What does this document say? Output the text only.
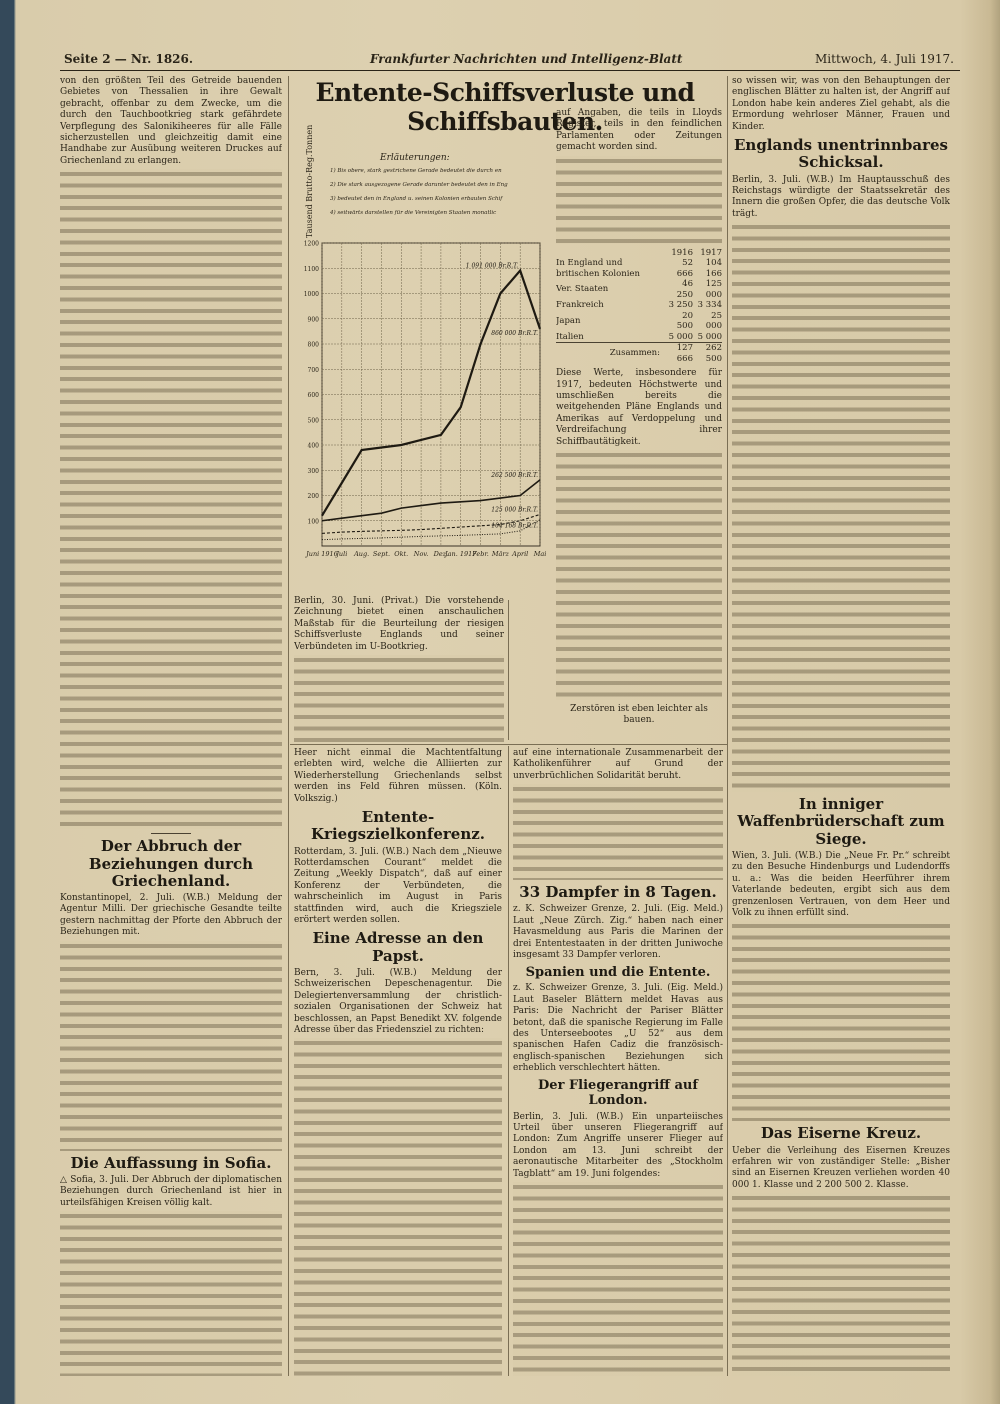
Seite 2 — Nr. 1826.	Frankfurter Nachrichten und Intelligenz-Blatt	Mittwoch, 4. Juli 1917.

von den größten Teil des Getreide bauenden Gebietes von Thessalien in ihre Gewalt gebracht, offenbar zu dem Zwecke, um die durch den Tauchbootkrieg stark gefährdete Verpflegung des Salonikiheeres für alle Fälle sicherzustellen und gleichzeitig damit eine Handhabe zur Ausübung weiteren Druckes auf Griechenland zu erlangen.

Der Abbruch der Beziehungen durch Griechenland.

Konstantinopel, 2. Juli. (W.B.) Meldung der Agentur Milli. Der griechische Gesandte teilte gestern nachmittag der Pforte den Abbruch der Beziehungen mit.

Die Auffassung in Sofia.

△ Sofia, 3. Juli. Der Abbruch der diplomatischen Beziehungen durch Griechenland ist hier in urteilsfähigen Kreisen völlig kalt.

Entente-Schiffsverluste und Schiffsbauten.
Erläuterungen:
1) Bis obere, stark gestrichene Gerade bedeutet die durch en
2) Die stark ausgezogene Gerade darunter bedeutet den in Eng
3) bedeutet den in England u. seinen Kolonien erbauten Schif
4) seitwärts darstellen für die Vereinigten Staaten monatlic
Tausend Brutto-Reg.Tonnen
100
200
300
400
500
600
700
800
900
1000
1100
1200
Juni 1916
Juli Aug. Sept. Okt. Nov. Dez.
Jan. 1917
Febr. März April Mai
1 091 000 Br.R.T.
860 000 Br.R.T.
262 500 Br.R.T.
125 000 Br.R.T.
104 168 Br.R.T.

auf Angaben, die teils in Lloyds Register, teils in den feindlichen Parlamenten oder Zeitungen gemacht worden sind.

	1916	1917
In England und britischen Kolonien	52 666	104 166
Ver. Staaten	46 250	125 000
Frankreich	3 250	3 334
Japan	20 500	25 000
Italien	5 000	5 000
Zusammen:	127 666	262 500

Diese Werte, insbesondere für 1917, bedeuten Höchstwerte und umschließen bereits die weitgehenden Pläne Englands und Amerikas auf Verdoppelung und Verdreifachung ihrer Schiffbautätigkeit.

Zerstören ist eben leichter als bauen.

Berlin, 30. Juni. (Privat.) Die vorstehende Zeichnung bietet einen anschaulichen Maßstab für die Beurteilung der riesigen Schiffsverluste Englands und seiner Verbündeten im U-Bootkrieg.

Heer nicht einmal die Machtentfaltung erlebten wird, welche die Alliierten zur Wiederherstellung Griechenlands selbst werden ins Feld führen müssen. (Köln. Volkszig.)

Entente-Kriegszielkonferenz.

Rotterdam, 3. Juli. (W.B.) Nach dem „Nieuwe Rotterdamschen Courant“ meldet die Zeitung „Weekly Dispatch“, daß auf einer Konferenz der Verbündeten, die wahrscheinlich im August in Paris stattfinden wird, auch die Kriegsziele erörtert werden sollen.

Eine Adresse an den Papst.

Bern, 3. Juli. (W.B.) Meldung der Schweizerischen Depeschenagentur. Die Delegiertenversammlung der christlich-sozialen Organisationen der Schweiz hat beschlossen, an Papst Benedikt XV. folgende Adresse über das Friedensziel zu richten:

auf eine internationale Zusammenarbeit der Katholikenführer auf Grund der unverbrüchlichen Solidarität beruht.

33 Dampfer in 8 Tagen.

z. K. Schweizer Grenze, 2. Juli. (Eig. Meld.) Laut „Neue Zürch. Zig.“ haben nach einer Havasmeldung aus Paris die Marinen der drei Ententestaaten in der dritten Juniwoche insgesamt 33 Dampfer verloren.

Spanien und die Entente.

z. K. Schweizer Grenze, 3. Juli. (Eig. Meld.) Laut Baseler Blättern meldet Havas aus Paris: Die Nachricht der Pariser Blätter betont, daß die spanische Regierung im Falle des Unterseebootes „U 52“ aus dem spanischen Hafen Cadiz die französisch-englisch-spanischen Beziehungen sich erheblich verschlechtert hätten.

Der Fliegerangriff auf London.

Berlin, 3. Juli. (W.B.) Ein unparteiisches Urteil über unseren Fliegerangriff auf London: Zum Angriffe unserer Flieger auf London am 13. Juni schreibt der aeronautische Mitarbeiter des „Stockholm Tagblatt“ am 19. Juni folgendes:

so wissen wir, was von den Behauptungen der englischen Blätter zu halten ist, der Angriff auf London habe kein anderes Ziel gehabt, als die Ermordung wehrloser Männer, Frauen und Kinder.

Englands unentrinnbares Schicksal.

Berlin, 3. Juli. (W.B.) Im Hauptausschuß des Reichstags würdigte der Staatssekretär des Innern die großen Opfer, die das deutsche Volk trägt.

In inniger Waffenbrüderschaft zum Siege.

Wien, 3. Juli. (W.B.) Die „Neue Fr. Pr.“ schreibt zu den Besuche Hindenburgs und Ludendorffs u. a.: Was die beiden Heerführer ihrem Vaterlande bedeuten, ergibt sich aus dem grenzenlosen Vertrauen, von dem Heer und Volk zu ihnen erfüllt sind.

Das Eiserne Kreuz.

Ueber die Verleihung des Eisernen Kreuzes erfahren wir von zuständiger Stelle: „Bisher sind an Eisernen Kreuzen verliehen worden 40 000 1. Klasse und 2 200 500 2. Klasse.
